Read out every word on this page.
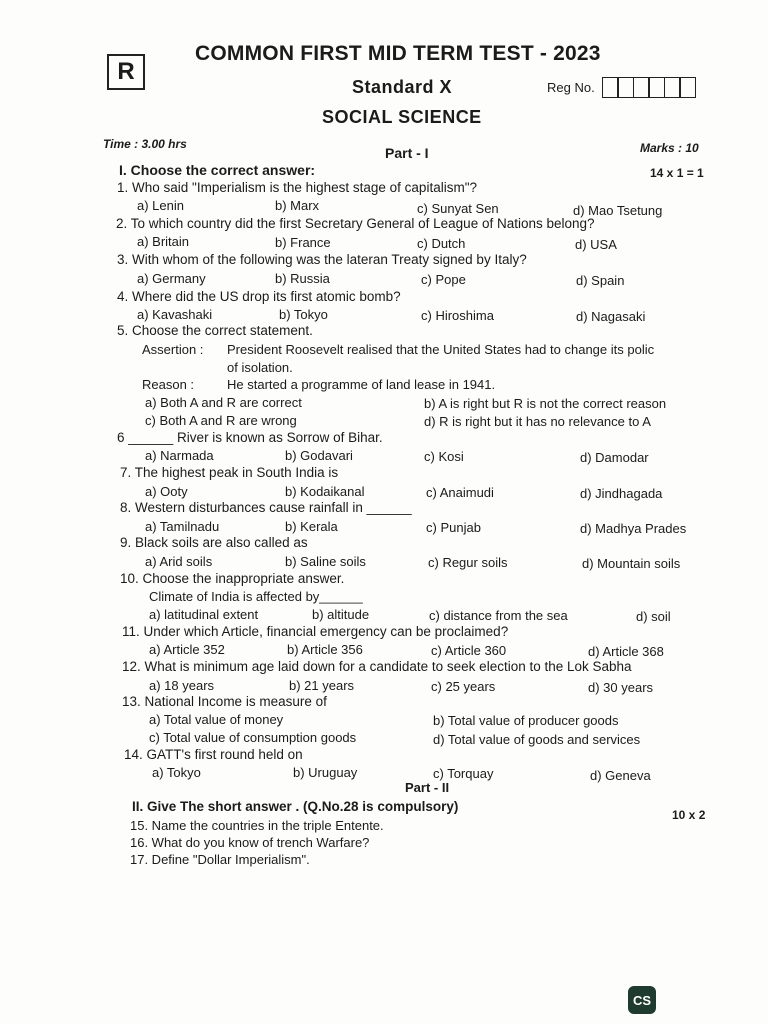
R
COMMON FIRST MID TERM TEST - 2023
Standard X	Reg No.
SOCIAL SCIENCE
Time : 3.00 hrs
Part - I	Marks : 10
14 x 1 = 1
I. Choose the correct answer:
1. Who said "Imperialism is the highest stage of capitalism"?
a) Lenin	b) Marx	c) Sunyat Sen	d) Mao Tsetung
2. To which country did the first Secretary General of League of Nations belong?
a) Britain	b) France	c) Dutch	d) USA
3. With whom of the following was the lateran Treaty signed by Italy?
a) Germany	b) Russia	c) Pope	d) Spain
4. Where did the US drop its first atomic bomb?
a) Kavashaki	b) Tokyo	c) Hiroshima	d) Nagasaki
5. Choose the correct statement.
Assertion : President Roosevelt realised that the United States had to change its polic
of isolation.
Reason :	He started a programme of land lease in 1941.
a) Both A and R are correct	b) A is right but R is not the correct reason
c) Both A and R are wrong	d) R is right but it has no relevance to A
6 ______ River is known as Sorrow of Bihar.
a) Narmada	b) Godavari	c) Kosi	d) Damodar
7. The highest peak in South India is
a) Ooty	b) Kodaikanal	c) Anaimudi	d) Jindhagada
8. Western disturbances cause rainfall in ______
a) Tamilnadu	b) Kerala	c) Punjab	d) Madhya Prades
9. Black soils are also called as
a) Arid soils	b) Saline soils	c) Regur soils	d) Mountain soils
10. Choose the inappropriate answer.
Climate of India is affected by______
a) latitudinal extent	b) altitude	c) distance from the sea	d) soil
11. Under which Article, financial emergency can be proclaimed?
a) Article 352	b) Article 356	c) Article 360	d) Article 368
12. What is minimum age laid down for a candidate to seek election to the Lok Sabha
a) 18 years	b) 21 years	c) 25 years	d) 30 years
13. National Income is measure of
a) Total value of money	b) Total value of producer goods
c) Total value of consumption goods	d) Total value of goods and services
14. GATT's first round held on
a) Tokyo	b) Uruguay	c) Torquay	d) Geneva
Part - II
II. Give The short answer . (Q.No.28 is compulsory)
10 x 2
15. Name the countries in the triple Entente.
16. What do you know of trench Warfare?
17. Define "Dollar Imperialism".
CS
